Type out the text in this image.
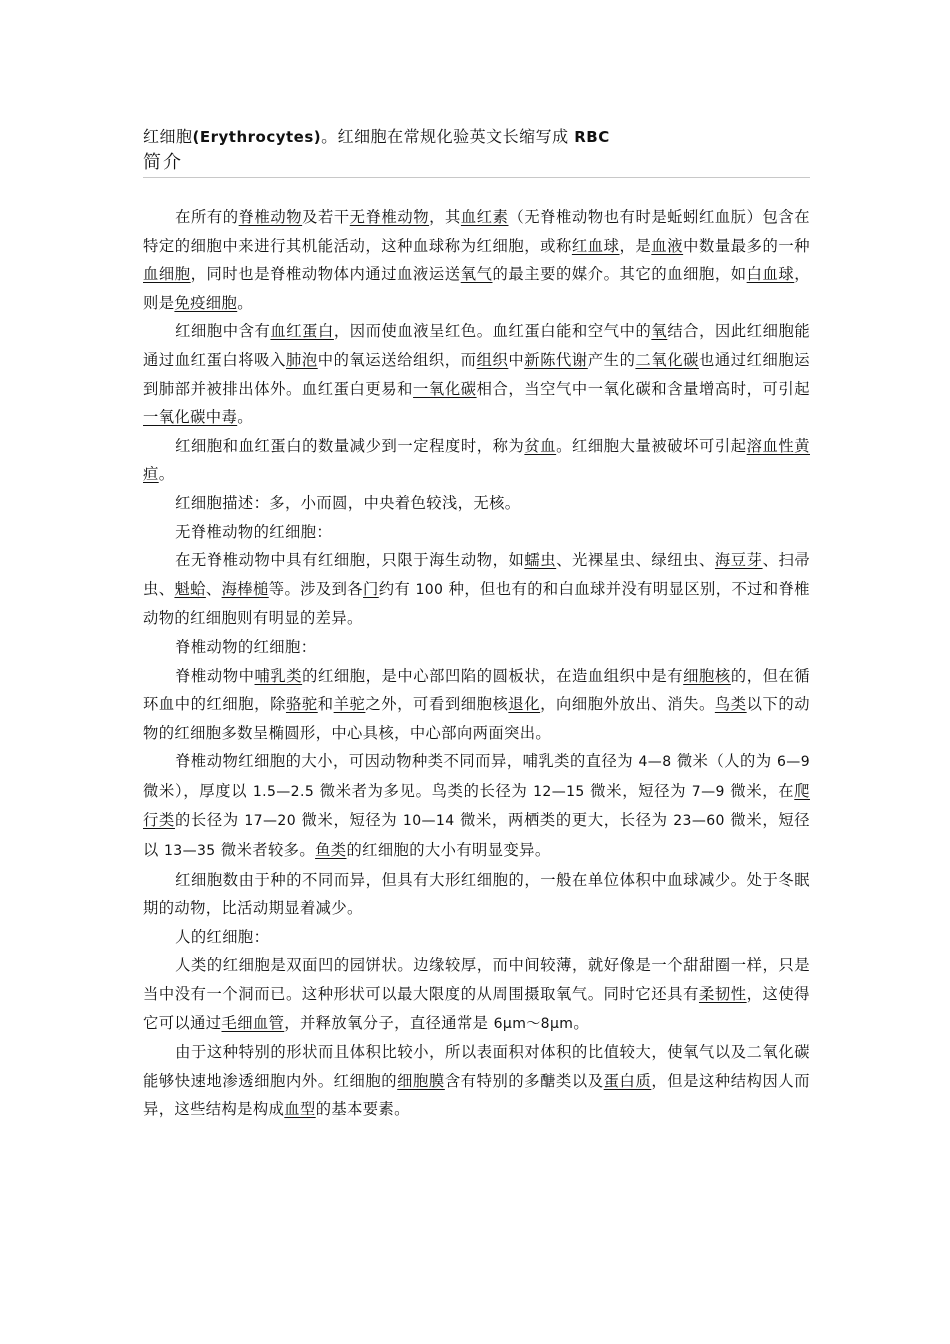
红细胞(Erythrocytes)。红细胞在常规化验英文长缩写成 RBC
简介

在所有的脊椎动物及若干无脊椎动物，其血红素（无脊椎动物也有时是蚯蚓红血朊）包含在特定的细胞中来进行其机能活动，这种血球称为红细胞，或称红血球，是血液中数量最多的一种血细胞，同时也是脊椎动物体内通过血液运送氧气的最主要的媒介。其它的血细胞，如白血球，则是免疫细胞。

红细胞中含有血红蛋白，因而使血液呈红色。血红蛋白能和空气中的氧结合，因此红细胞能通过血红蛋白将吸入肺泡中的氧运送给组织，而组织中新陈代谢产生的二氧化碳也通过红细胞运到肺部并被排出体外。血红蛋白更易和一氧化碳相合，当空气中一氧化碳和含量增高时，可引起一氧化碳中毒。

红细胞和血红蛋白的数量减少到一定程度时，称为贫血。红细胞大量被破坏可引起溶血性黄疸。

红细胞描述：多，小而圆，中央着色较浅，无核。

无脊椎动物的红细胞：

在无脊椎动物中具有红细胞，只限于海生动物，如蠕虫、光裸星虫、绿纽虫、海豆芽、扫帚虫、魁蛤、海棒槌等。涉及到各门约有 100 种，但也有的和白血球并没有明显区别，不过和脊椎动物的红细胞则有明显的差异。

脊椎动物的红细胞：

脊椎动物中哺乳类的红细胞，是中心部凹陷的圆板状，在造血组织中是有细胞核的，但在循环血中的红细胞，除骆驼和羊驼之外，可看到细胞核退化，向细胞外放出、消失。鸟类以下的动物的红细胞多数呈椭圆形，中心具核，中心部向两面突出。

脊椎动物红细胞的大小，可因动物种类不同而异，哺乳类的直径为 4—8 微米（人的为 6—9 微米），厚度以 1.5—2.5 微米者为多见。鸟类的长径为 12—15 微米，短径为 7—9 微米，在爬行类的长径为 17—20 微米，短径为 10—14 微米，两栖类的更大，长径为 23—60 微米，短径以 13—35 微米者较多。鱼类的红细胞的大小有明显变异。

红细胞数由于种的不同而异，但具有大形红细胞的，一般在单位体积中血球减少。处于冬眠期的动物，比活动期显着减少。

人的红细胞：

人类的红细胞是双面凹的园饼状。边缘较厚，而中间较薄，就好像是一个甜甜圈一样，只是当中没有一个洞而已。这种形状可以最大限度的从周围摄取氧气。同时它还具有柔韧性，这使得它可以通过毛细血管，并释放氧分子，直径通常是 6μm～8μm。

由于这种特别的形状而且体积比较小，所以表面积对体积的比值较大，使氧气以及二氧化碳能够快速地渗透细胞内外。红细胞的细胞膜含有特别的多醣类以及蛋白质，但是这种结构因人而异，这些结构是构成血型的基本要素。
